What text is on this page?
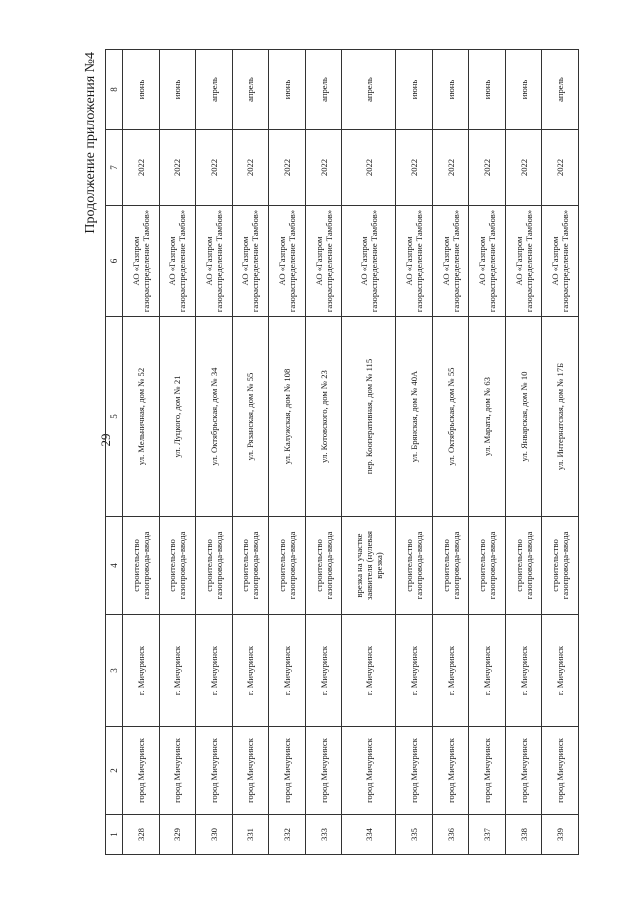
29
Продолжение приложения №4
1	2	3	4	5	6	7	8
328	город Мичуринск	г. Мичуринск	строительство газопровода-ввода	ул. Мельничная, дом № 52	АО «Газпром газораспределение Тамбов»	2022	июнь
329	город Мичуринск	г. Мичуринск	строительство газопровода-ввода	ул. Луцкого, дом № 21	АО «Газпром газораспределение Тамбов»	2022	июнь
330	город Мичуринск	г. Мичуринск	строительство газопровода-ввода	ул. Октябрьская, дом № 34	АО «Газпром газораспределение Тамбов»	2022	апрель
331	город Мичуринск	г. Мичуринск	строительство газопровода-ввода	ул. Рязанская, дом № 55	АО «Газпром газораспределение Тамбов»	2022	апрель
332	город Мичуринск	г. Мичуринск	строительство газопровода-ввода	ул. Калужская, дом № 108	АО «Газпром газораспределение Тамбов»	2022	июнь
333	город Мичуринск	г. Мичуринск	строительство газопровода-ввода	ул. Котовского, дом № 23	АО «Газпром газораспределение Тамбов»	2022	апрель
334	город Мичуринск	г. Мичуринск	врезка на участке заявителя (нулевая врезка)	пер. Кооперативная, дом № 115	АО «Газпром газораспределение Тамбов»	2022	апрель
335	город Мичуринск	г. Мичуринск	строительство газопровода-ввода	ул. Брянская, дом № 40А	АО «Газпром газораспределение Тамбов»	2022	июнь
336	город Мичуринск	г. Мичуринск	строительство газопровода-ввода	ул. Октябрьская, дом № 55	АО «Газпром газораспределение Тамбов»	2022	июнь
337	город Мичуринск	г. Мичуринск	строительство газопровода-ввода	ул. Марата, дом № 63	АО «Газпром газораспределение Тамбов»	2022	июнь
338	город Мичуринск	г. Мичуринск	строительство газопровода-ввода	ул. Январская, дом № 10	АО «Газпром газораспределение Тамбов»	2022	июнь
339	город Мичуринск	г. Мичуринск	строительство газопровода-ввода	ул. Интернатская, дом № 17Б	АО «Газпром газораспределение Тамбов»	2022	апрель
